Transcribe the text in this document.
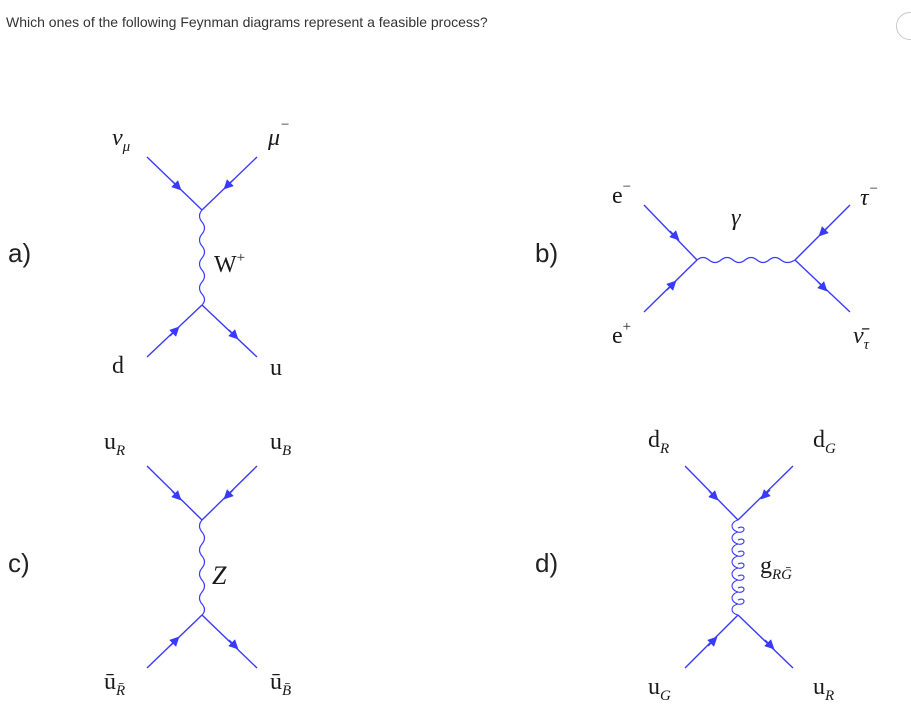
Which ones of the following Feynman diagrams represent a feasible process?
a)	b)
c)	d)
$\nu_\mu$	μ−
W+
d	u
e−
e+
γ
τ−
$\nū_\tau$
$u_R$	$u_B$
Z
$ū_{R̄}$	$ū_{B̄}$
$d_R$	$d_G$
$g_{RḠ}$
$u_G$	$u_R$
